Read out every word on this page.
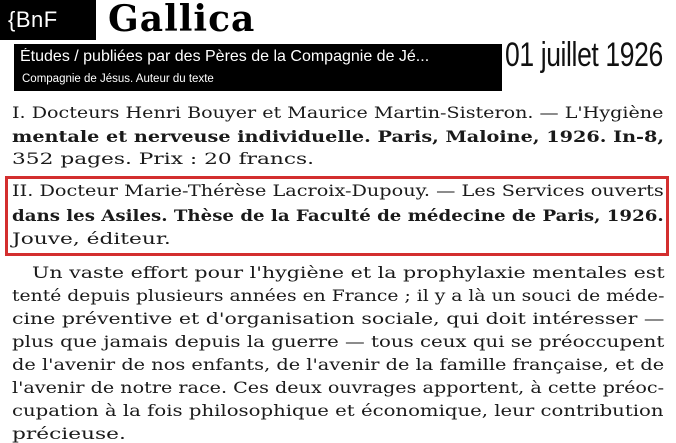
{BnF	Gallica
Études / publiées par des Pères de la Compagnie de Jé...
Compagnie de Jésus. Auteur du texte
01 juillet 1926
I. Docteurs Henri Bouyer et Maurice Martin-Sisteron. — L'Hygiène
mentale et nerveuse individuelle. Paris, Maloine, 1926. In-8,
352 pages. Prix : 20 francs.
II. Docteur Marie-Thérèse Lacroix-Dupouy. — Les Services ouverts
dans les Asiles. Thèse de la Faculté de médecine de Paris, 1926.
Jouve, éditeur.
Un vaste effort pour l'hygiène et la prophylaxie mentales est
tenté depuis plusieurs années en France ; il y a là un souci de méde-
cine préventive et d'organisation sociale, qui doit intéresser —
plus que jamais depuis la guerre — tous ceux qui se préoccupent
de l'avenir de nos enfants, de l'avenir de la famille française, et de
l'avenir de notre race. Ces deux ouvrages apportent, à cette préoc-
cupation à la fois philosophique et économique, leur contribution
précieuse.
